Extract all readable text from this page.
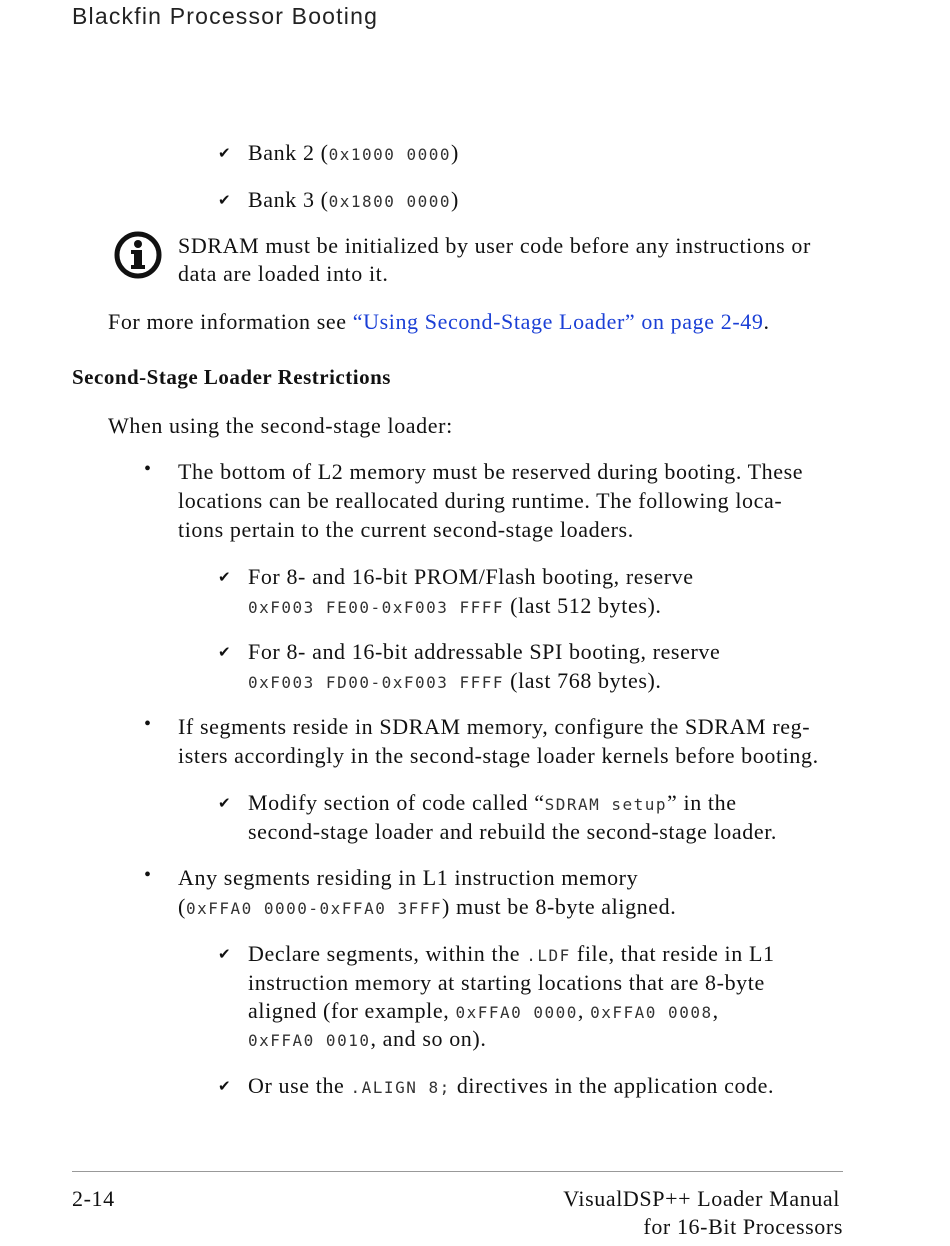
Blackfin Processor Booting
✔ Bank 2 (0x1000 0000)
✔ Bank 3 (0x1800 0000)
SDRAM must be initialized by user code before any instructions or
data are loaded into it.
For more information see “Using Second-Stage Loader” on page 2-49.
Second-Stage Loader Restrictions
When using the second-stage loader:
• The bottom of L2 memory must be reserved during booting. These
locations can be reallocated during runtime. The following loca-
tions pertain to the current second-stage loaders.
✔ For 8- and 16-bit PROM/Flash booting, reserve
0xF003 FE00-0xF003 FFFF (last 512 bytes).
✔ For 8- and 16-bit addressable SPI booting, reserve
0xF003 FD00-0xF003 FFFF (last 768 bytes).
• If segments reside in SDRAM memory, configure the SDRAM reg-
isters accordingly in the second-stage loader kernels before booting.
✔ Modify section of code called “SDRAM setup” in the
second-stage loader and rebuild the second-stage loader.
• Any segments residing in L1 instruction memory
(0xFFA0 0000-0xFFA0 3FFF) must be 8-byte aligned.
✔ Declare segments, within the .LDF file, that reside in L1
instruction memory at starting locations that are 8-byte
aligned (for example, 0xFFA0 0000, 0xFFA0 0008,
0xFFA0 0010, and so on).
✔ Or use the .ALIGN 8; directives in the application code.
2-14	VisualDSP++ Loader Manual
for 16-Bit Processors
